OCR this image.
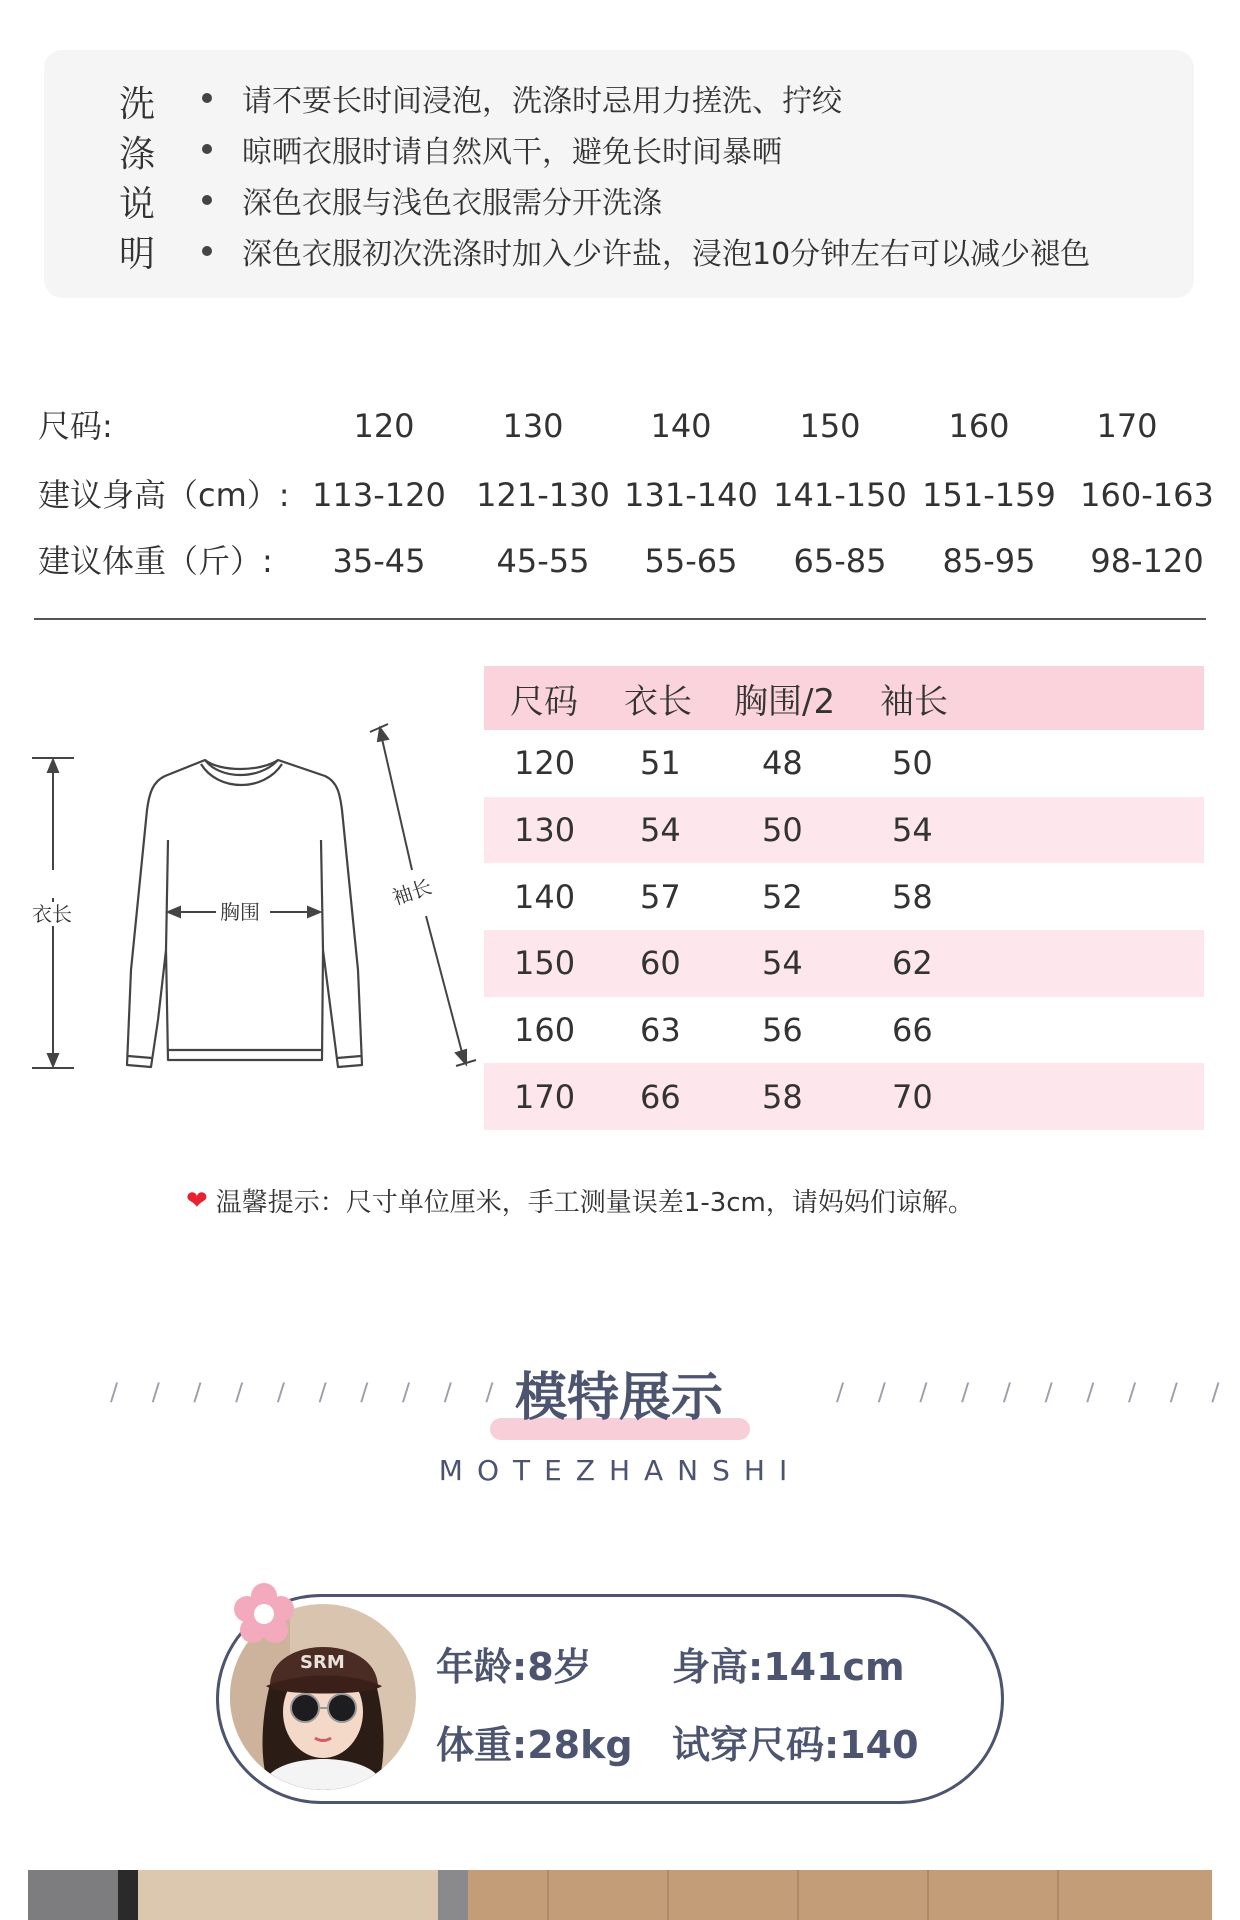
洗
涤
说
明
请不要长时间浸泡，洗涤时忌用力搓洗、拧绞
晾晒衣服时请自然风干，避免长时间暴晒
深色衣服与浅色衣服需分开洗涤
深色衣服初次洗涤时加入少许盐，浸泡10分钟左右可以减少褪色
尺码:	120	130	140	150	160	170
建议身高（cm）: 113-120 121-130 131-140 141-150 151-159 160-163
建议体重（斤）:	35-45	45-55	55-65	65-85	85-95	98-120
衣长	胸围
袖长
尺码 衣长 胸围/2 袖长
120 51	48	50
130 54	50	54
140 57	52	58
150 60	54	62
160 63	56	66
170 66	58	70
❤ 温馨提示：尺寸单位厘米，手工测量误差1-3cm，请妈妈们谅解。
/ / / / / / / / / /	/ / / / / / / / / /
模特展示
MOTEZHANSHI
SRM 年龄:8岁 身高:141cm
体重:28kg 试穿尺码:140
